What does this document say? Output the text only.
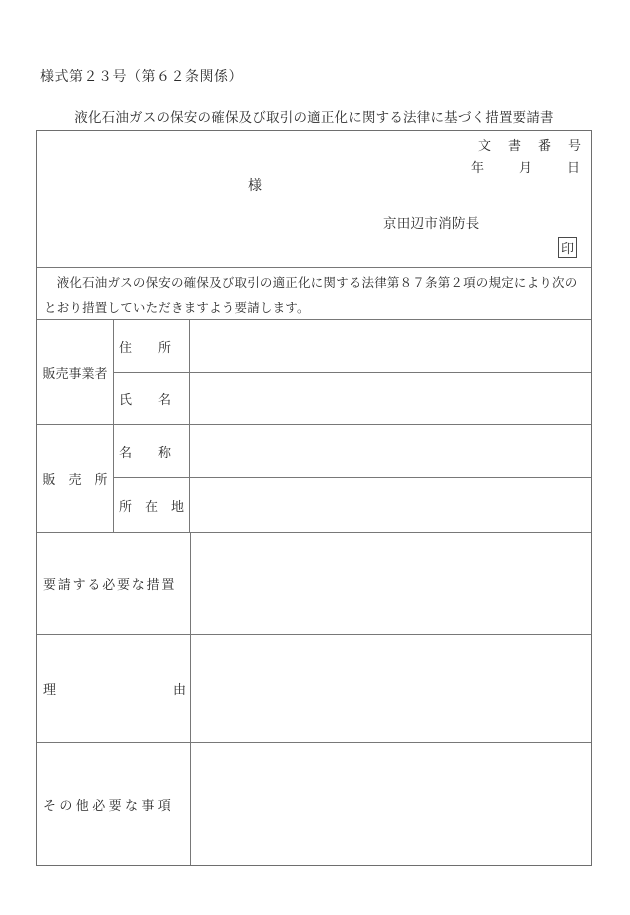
様式第２３号（第６２条関係）
液化石油ガスの保安の確保及び取引の適正化に関する法律に基づく措置要請書
文　書　番　号
年　　月　　日
様
京田辺市消防長
印
　液化石油ガスの保安の確保及び取引の適正化に関する法律第８７条第２項の規定により次のとおり措置していただきますよう要請します。
販売事業者
住　　所
氏　　名
販　売　所
名　　称
所　在　地
要請する必要な措置
理　　　　　　　　　由
その他必要な事項
